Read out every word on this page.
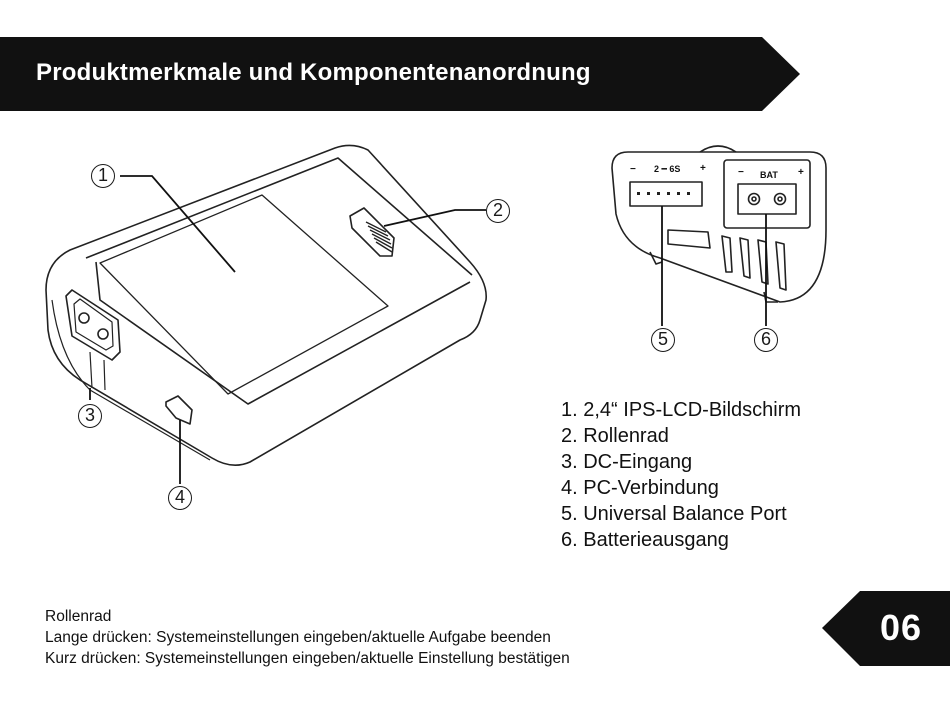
Produktmerkmale und Komponentenanordnung
− 2 ━ 6S +	− BAT +
1
2
3
4
5	6
1. 2,4“ IPS-LCD-Bildschirm
2. Rollenrad
3. DC-Eingang
4. PC-Verbindung
5. Universal Balance Port
6. Batterieausgang
Rollenrad
Lange drücken: Systemeinstellungen eingeben/aktuelle Aufgabe beenden
Kurz drücken: Systemeinstellungen eingeben/aktuelle Einstellung bestätigen
06
